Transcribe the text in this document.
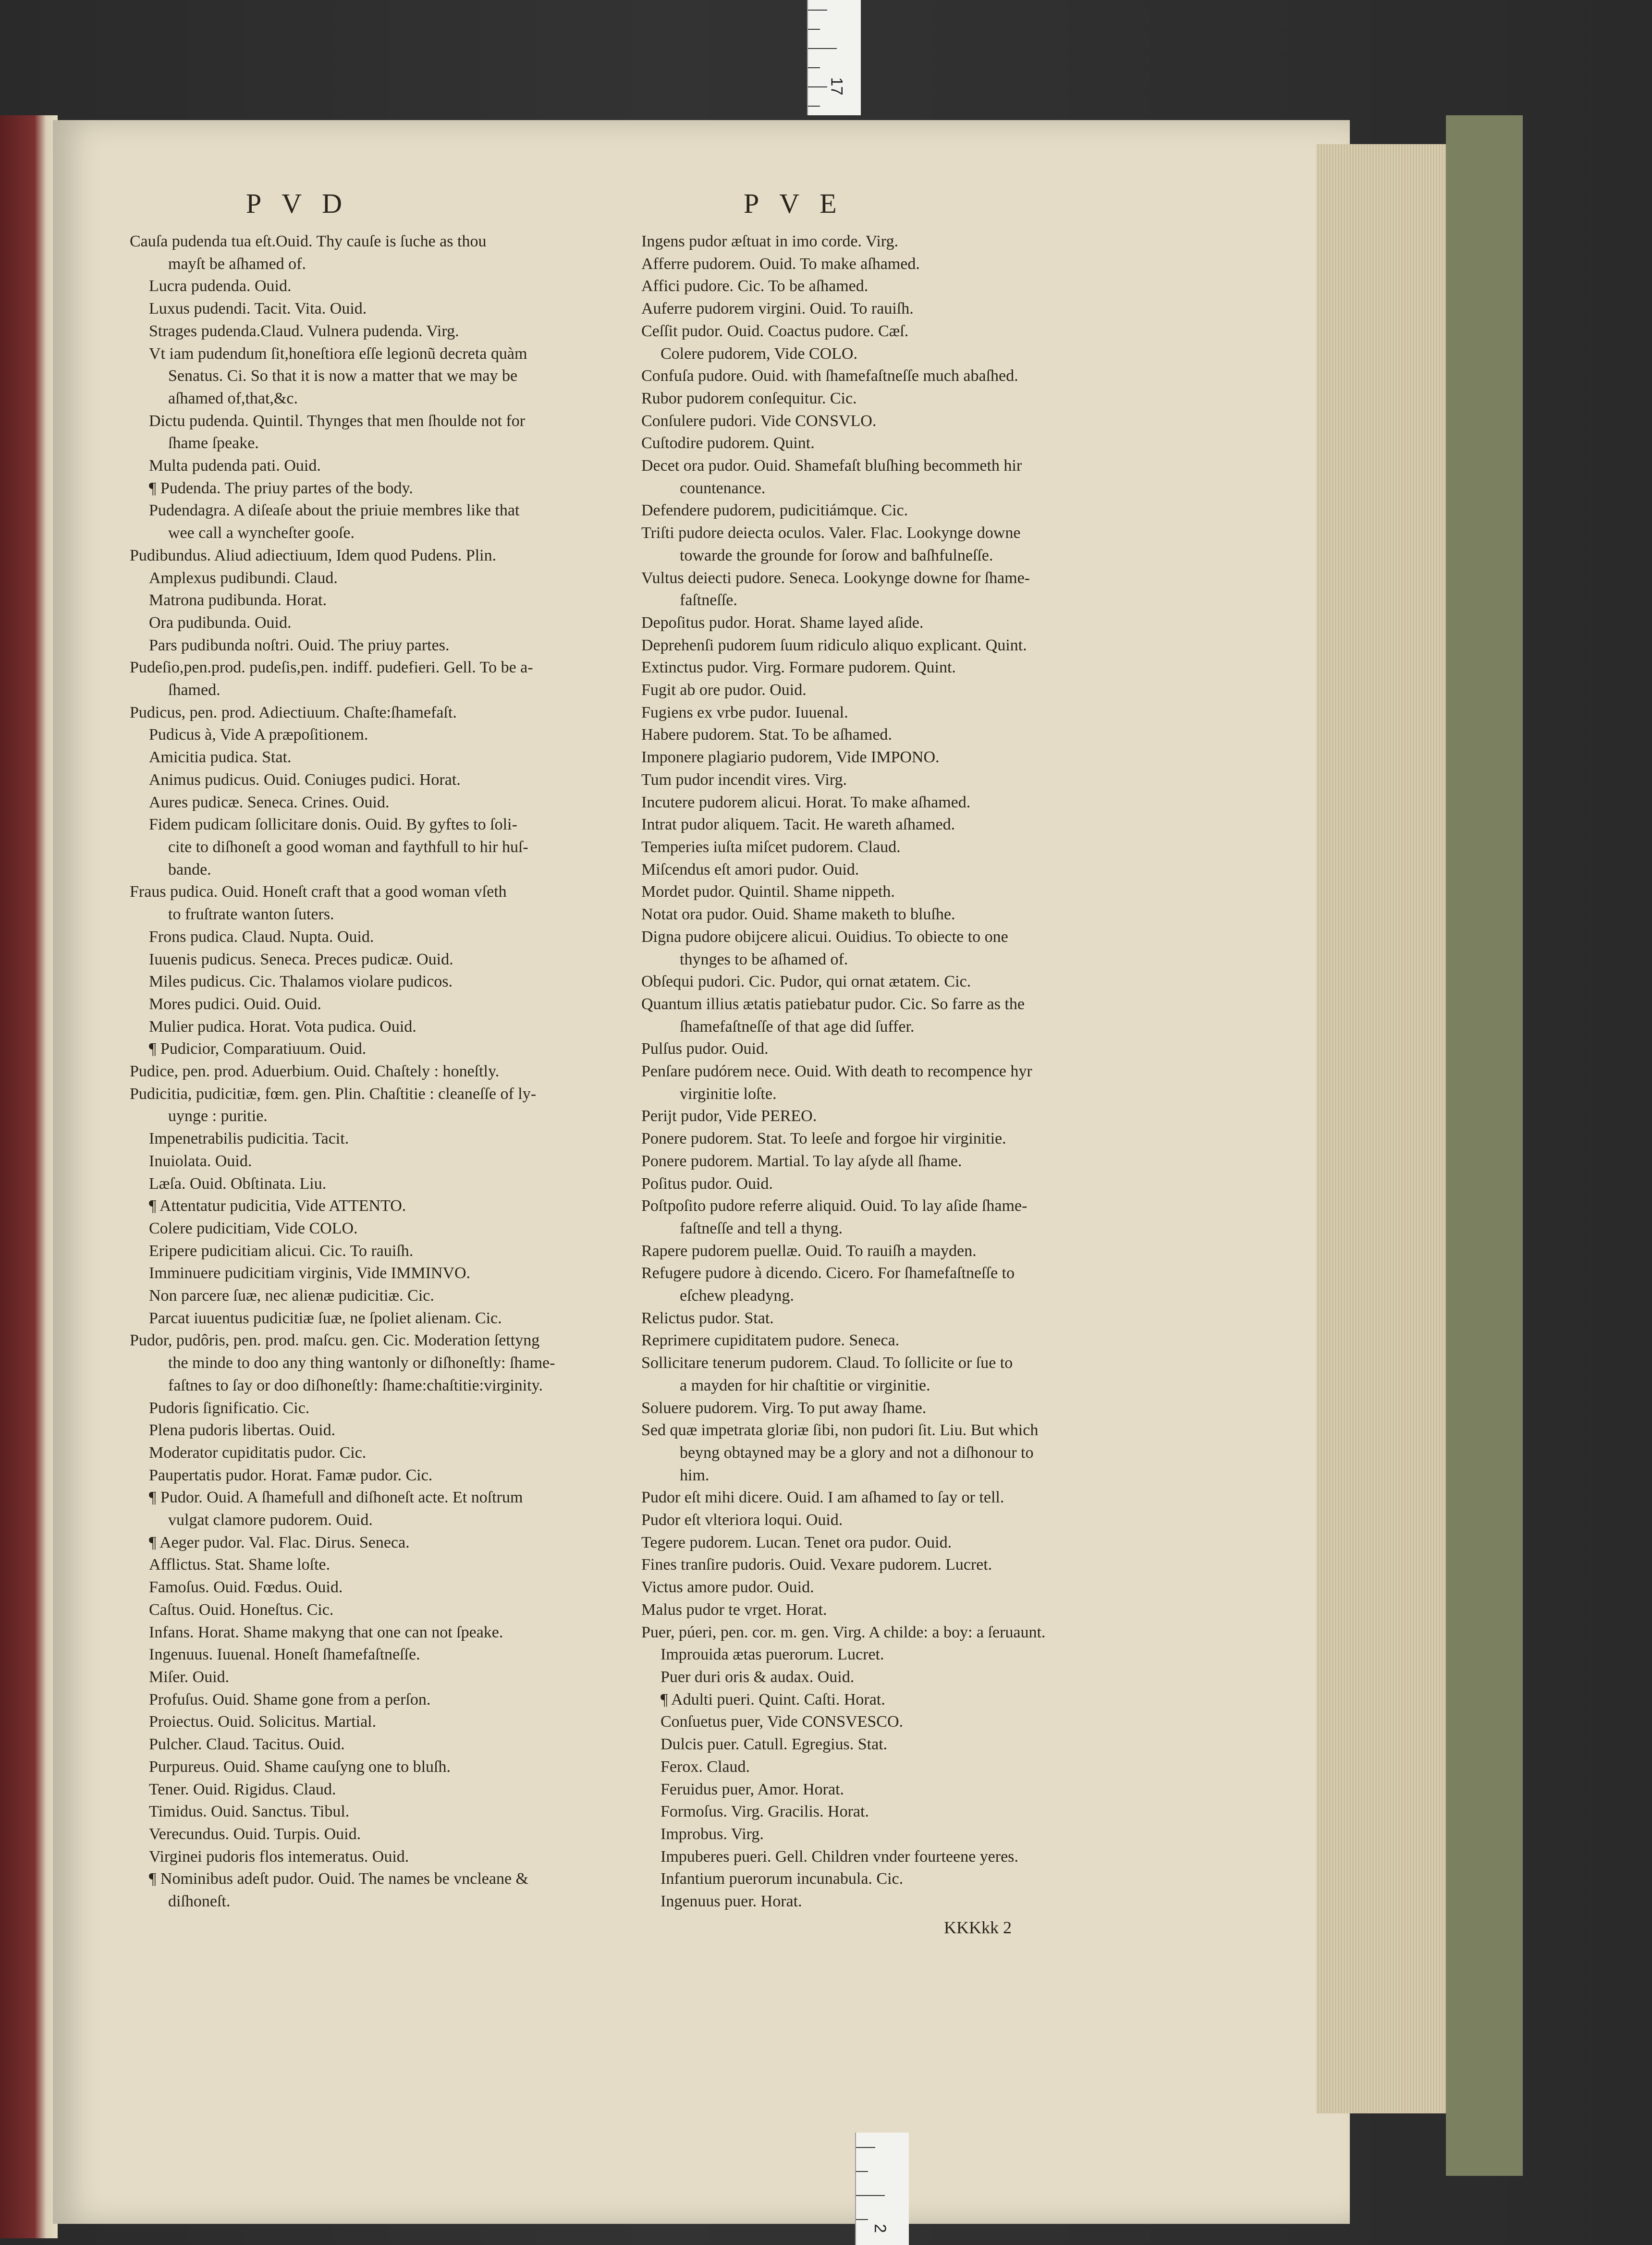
17
PVD	PVE
Cauſa pudenda tua eſt.Ouid. Thy cauſe is ſuche as thou
mayſt be aſhamed of.
Lucra pudenda. Ouid.
Luxus pudendi. Tacit. Vita. Ouid.
Strages pudenda.Claud. Vulnera pudenda. Virg.
Vt iam pudendum ſit,honeſtiora eſſe legionũ decreta quàm
Senatus. Ci. So that it is now a matter that we may be
aſhamed of,that,&c.
Dictu pudenda. Quintil. Thynges that men ſhoulde not for
ſhame ſpeake.
Multa pudenda pati. Ouid.
¶ Pudenda. The priuy partes of the body.
Pudendagra. A diſeaſe about the priuie membres like that
wee call a wyncheſter gooſe.
Pudibundus. Aliud adiectiuum, Idem quod Pudens. Plin.
Amplexus pudibundi. Claud.
Matrona pudibunda. Horat.
Ora pudibunda. Ouid.
Pars pudibunda noſtri. Ouid. The priuy partes.
Pudeſio,pen.prod. pudeſis,pen. indiff. pudefieri. Gell. To be a-
ſhamed.
Pudicus, pen. prod. Adiectiuum. Chaſte:ſhamefaſt.
Pudicus à, Vide A præpoſitionem.
Amicitia pudica. Stat.
Animus pudicus. Ouid. Coniuges pudici. Horat.
Aures pudicæ. Seneca. Crines. Ouid.
Fidem pudicam ſollicitare donis. Ouid. By gyftes to ſoli-
cite to diſhoneſt a good woman and faythfull to hir huſ-
bande.
Fraus pudica. Ouid. Honeſt craft that a good woman vſeth
to fruſtrate wanton ſuters.
Frons pudica. Claud. Nupta. Ouid.
Iuuenis pudicus. Seneca. Preces pudicæ. Ouid.
Miles pudicus. Cic. Thalamos violare pudicos.
Mores pudici. Ouid. Ouid.
Mulier pudica. Horat. Vota pudica. Ouid.
¶ Pudicior, Comparatiuum. Ouid.
Pudice, pen. prod. Aduerbium. Ouid. Chaſtely : honeſtly.
Pudicitia, pudicitiæ, fœm. gen. Plin. Chaſtitie : cleaneſſe of ly-
uynge : puritie.
Impenetrabilis pudicitia. Tacit.
Inuiolata. Ouid.
Læſa. Ouid. Obſtinata. Liu.
¶ Attentatur pudicitia, Vide ATTENTO.
Colere pudicitiam, Vide COLO.
Eripere pudicitiam alicui. Cic. To rauiſh.
Imminuere pudicitiam virginis, Vide IMMINVO.
Non parcere ſuæ, nec alienæ pudicitiæ. Cic.
Parcat iuuentus pudicitiæ ſuæ, ne ſpoliet alienam. Cic.
Pudor, pudôris, pen. prod. maſcu. gen. Cic. Moderation ſettyng
the minde to doo any thing wantonly or diſhoneſtly: ſhame-
faſtnes to ſay or doo diſhoneſtly: ſhame:chaſtitie:virginity.
Pudoris ſignificatio. Cic.
Plena pudoris libertas. Ouid.
Moderator cupiditatis pudor. Cic.
Paupertatis pudor. Horat. Famæ pudor. Cic.
¶ Pudor. Ouid. A ſhamefull and diſhoneſt acte. Et noſtrum
vulgat clamore pudorem. Ouid.
¶ Aeger pudor. Val. Flac. Dirus. Seneca.
Afflictus. Stat. Shame loſte.
Famoſus. Ouid. Fœdus. Ouid.
Caſtus. Ouid. Honeſtus. Cic.
Infans. Horat. Shame makyng that one can not ſpeake.
Ingenuus. Iuuenal. Honeſt ſhamefaſtneſſe.
Miſer. Ouid.
Profuſus. Ouid. Shame gone from a perſon.
Proiectus. Ouid. Solicitus. Martial.
Pulcher. Claud. Tacitus. Ouid.
Purpureus. Ouid. Shame cauſyng one to bluſh.
Tener. Ouid. Rigidus. Claud.
Timidus. Ouid. Sanctus. Tibul.
Verecundus. Ouid. Turpis. Ouid.
Virginei pudoris flos intemeratus. Ouid.
¶ Nominibus adeſt pudor. Ouid. The names be vncleane &
diſhoneſt.
Ingens pudor æſtuat in imo corde. Virg.
Afferre pudorem. Ouid. To make aſhamed.
Affici pudore. Cic. To be aſhamed.
Auferre pudorem virgini. Ouid. To rauiſh.
Ceſſit pudor. Ouid. Coactus pudore. Cæſ.
Colere pudorem, Vide COLO.
Confuſa pudore. Ouid. with ſhamefaſtneſſe much abaſhed.
Rubor pudorem conſequitur. Cic.
Conſulere pudori. Vide CONSVLO.
Cuſtodire pudorem. Quint.
Decet ora pudor. Ouid. Shamefaſt bluſhing becommeth hir
countenance.
Defendere pudorem, pudicitiámque. Cic.
Triſti pudore deiecta oculos. Valer. Flac. Lookynge downe
towarde the grounde for ſorow and baſhfulneſſe.
Vultus deiecti pudore. Seneca. Lookynge downe for ſhame-
faſtneſſe.
Depoſitus pudor. Horat. Shame layed aſide.
Deprehenſi pudorem ſuum ridiculo aliquo explicant. Quint.
Extinctus pudor. Virg. Formare pudorem. Quint.
Fugit ab ore pudor. Ouid.
Fugiens ex vrbe pudor. Iuuenal.
Habere pudorem. Stat. To be aſhamed.
Imponere plagiario pudorem, Vide IMPONO.
Tum pudor incendit vires. Virg.
Incutere pudorem alicui. Horat. To make aſhamed.
Intrat pudor aliquem. Tacit. He wareth aſhamed.
Temperies iuſta miſcet pudorem. Claud.
Miſcendus eſt amori pudor. Ouid.
Mordet pudor. Quintil. Shame nippeth.
Notat ora pudor. Ouid. Shame maketh to bluſhe.
Digna pudore obijcere alicui. Ouidius. To obiecte to one
thynges to be aſhamed of.
Obſequi pudori. Cic. Pudor, qui ornat ætatem. Cic.
Quantum illius ætatis patiebatur pudor. Cic. So farre as the
ſhamefaſtneſſe of that age did ſuffer.
Pulſus pudor. Ouid.
Penſare pudórem nece. Ouid. With death to recompence hyr
virginitie loſte.
Perijt pudor, Vide PEREO.
Ponere pudorem. Stat. To leeſe and forgoe hir virginitie.
Ponere pudorem. Martial. To lay aſyde all ſhame.
Poſitus pudor. Ouid.
Poſtpoſito pudore referre aliquid. Ouid. To lay aſide ſhame-
faſtneſſe and tell a thyng.
Rapere pudorem puellæ. Ouid. To rauiſh a mayden.
Refugere pudore à dicendo. Cicero. For ſhamefaſtneſſe to
eſchew pleadyng.
Relictus pudor. Stat.
Reprimere cupiditatem pudore. Seneca.
Sollicitare tenerum pudorem. Claud. To ſollicite or ſue to
a mayden for hir chaſtitie or virginitie.
Soluere pudorem. Virg. To put away ſhame.
Sed quæ impetrata gloriæ ſibi, non pudori ſit. Liu. But which
beyng obtayned may be a glory and not a diſhonour to
him.
Pudor eſt mihi dicere. Ouid. I am aſhamed to ſay or tell.
Pudor eſt vlteriora loqui. Ouid.
Tegere pudorem. Lucan. Tenet ora pudor. Ouid.
Fines tranſire pudoris. Ouid. Vexare pudorem. Lucret.
Victus amore pudor. Ouid.
Malus pudor te vrget. Horat.
Puer, púeri, pen. cor. m. gen. Virg. A childe: a boy: a ſeruaunt.
Improuida ætas puerorum. Lucret.
Puer duri oris & audax. Ouid.
¶ Adulti pueri. Quint. Caſti. Horat.
Conſuetus puer, Vide CONSVESCO.
Dulcis puer. Catull. Egregius. Stat.
Ferox. Claud.
Feruidus puer, Amor. Horat.
Formoſus. Virg. Gracilis. Horat.
Improbus. Virg.
Impuberes pueri. Gell. Children vnder fourteene yeres.
Infantium puerorum incunabula. Cic.
Ingenuus puer. Horat.
KKKkk 2
2
